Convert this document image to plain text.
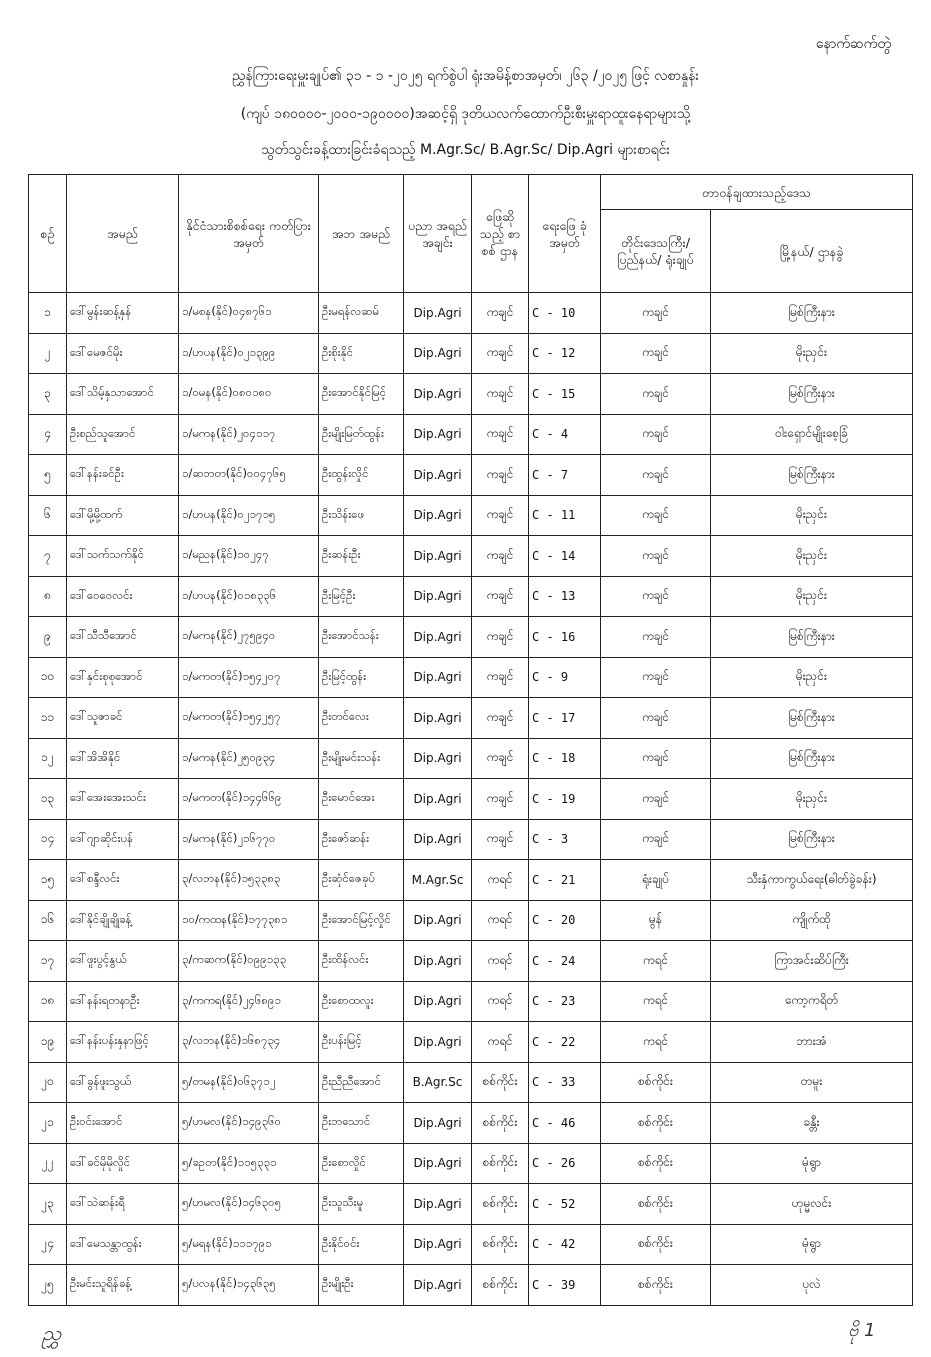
နောက်ဆက်တွဲ
ညွှန်ကြားရေးမှူးချုပ်၏ ၃၁ - ၁ -၂၀၂၅ ရက်စွဲပါ ရုံးအမိန့်စာအမှတ်၊ ၂၆၃ /၂၀၂၅ ဖြင့် လစာနှုန်း
(ကျပ် ၁၈၀၀၀၀-၂၀၀၀-၁၉၀၀၀၀)အဆင့်ရှိ ဒုတိယလက်ထောက်ဦးစီးမှူးရာထူးနေရာများသို့
သွတ်သွင်းခန့်ထားခြင်းခံရသည့် M.Agr.Sc/ B.Agr.Sc/ Dip.Agri များစာရင်း
စဉ်	အမည်	နိုင်ငံသားစိစစ်ရေး ကတ်ပြားအမှတ်	အဘ အမည်	ပညာ အရည် အချင်း	ဖြေဆို သည့် စာစစ် ဌာန	ရေးဖြေ ခုံအမှတ်	တာဝန်ချထားသည့်ဒေသ	
							တိုင်းဒေသကြီး/ ပြည်နယ်/ ရုံးချုပ်	မြို့နယ်/ ဌာနခွဲ
၁	ဒေါ်မွန်းဆန့်နှန်	၁/မစန(နိုင်)၀၄၈၇၆၁	ဦးမရန်လဆမ်	Dip.Agri	ကချင်	C - 10	ကချင်	မြစ်ကြီးနား
၂	ဒေါ်မေဇင်မိုး	၁/ဟပန(နိုင်)၀၂၁၃၉၉	ဦးစိုးနိုင်	Dip.Agri	ကချင်	C - 12	ကချင်	မိုးညှင်း
၃	ဒေါ်သိမ့်နှသာအောင်	၁/ဝမန(နိုင်)၀၈၀၁၈၀	ဦးအောင်နိုင်မြင့်	Dip.Agri	ကချင်	C - 15	ကချင်	မြစ်ကြီးနား
၄	ဦးစည်သူအောင်	၁/မကန(နိုင်)၂၀၄၁၁၇	ဦးမျိုးမြတ်ထွန်း	Dip.Agri	ကချင်	C - 4	ကချင်	ဝါးရှောင်မျိုးစေ့ခြံ
၅	ဒေါ်နန်းခင်ဦး	၁/ဆဘတ(နိုင်)၀၀၄၇၆၅	ဦးထွန်းလှိုင်	Dip.Agri	ကချင်	C - 7	ကချင်	မြစ်ကြီးနား
၆	ဒေါ်မို့မို့ထက်	၁/ဟပန(နိုင်)၀၂၁၇၁၅	ဦးသိန်းဖေ	Dip.Agri	ကချင်	C - 11	ကချင်	မိုးညှင်း
၇	ဒေါ်သက်သက်နိုင်	၁/မညန(နိုင်)၁၀၂၄၇	ဦးဆန်းဦး	Dip.Agri	ကချင်	C - 14	ကချင်	မိုးညှင်း
၈	ဒေါ်ဝေဝေလင်း	၁/ဟပန(နိုင်)၀၁၈၃၃၆	ဦးမြင့်ဦး	Dip.Agri	ကချင်	C - 13	ကချင်	မိုးညှင်း
၉	ဒေါ်သီသီအောင်	၁/မကန(နိုင်)၂၇၅၉၄၀	ဦးအောင်သန်း	Dip.Agri	ကချင်	C - 16	ကချင်	မြစ်ကြီးနား
၁၀	ဒေါ်နှင်းစုစုအောင်	၁/မကတ(နိုင်)၁၅၄၂၀၇	ဦးမြင့်ထွန်း	Dip.Agri	ကချင်	C - 9	ကချင်	မိုးညှင်း
၁၁	ဒေါ်သူဇာခင်	၁/မကတ(နိုင်)၁၅၄၂၅၇	ဦးတင်လေး	Dip.Agri	ကချင်	C - 17	ကချင်	မြစ်ကြီးနား
၁၂	ဒေါ်အိအိနိုင်	၁/မကန(နိုင်)၂၅၀၉၃၄	ဦးမျိုးမင်းသန်း	Dip.Agri	ကချင်	C - 18	ကချင်	မြစ်ကြီးနား
၁၃	ဒေါ်အေးအေးသင်း	၁/မကတ(နိုင်)၁၄၄၆၆၉	ဦးမောင်အေး	Dip.Agri	ကချင်	C - 19	ကချင်	မိုးညှင်း
၁၄	ဒေါ်ဂျာဆိုင်းပန်	၁/မကန(နိုင်)၂၁၆၇၇၀	ဦးဇော်ဆန်း	Dip.Agri	ကချင်	C - 3	ကချင်	မြစ်ကြီးနား
၁၅	ဒေါ်စန္ဒီလင်း	၃/လဘန(နိုင်)၁၅၃၃၈၃	ဦးဆုံင်ဇေခုပ်	M.Agr.Sc	ကရင်	C - 21	ရုံးချုပ်	သီးနှံကာကွယ်ရေး(ဓါတ်ခွဲခန်း)
၁၆	ဒေါ်နိုင်ချိုချိုခန့်	၁၀/ကထန(နိုင်)၁၇၇၃၈၁	ဦးအောင်မြင့်လှိုင်	Dip.Agri	ကရင်	C - 20	မွန်	ကျိုက်ထို
၁၇	ဒေါ်ဖူးပွင့်နွယ်	၃/ကဆက(နိုင်)၀၉၉၁၃၃	ဦးထိန်လင်း	Dip.Agri	ကရင်	C - 24	ကရင်	ကြာအင်းဆိပ်ကြီး
၁၈	ဒေါ်နန်းရတနာဦး	၃/ကကရ(နိုင်)၂၄၆၈၉၁	ဦးစောထလူး	Dip.Agri	ကရင်	C - 23	ကရင်	ကော့ကရိတ်
၁၉	ဒေါ်နန်းပန်းနှနာဖြင့်	၃/လဘန(နိုင်)၁၆၈၇၃၄	ဦးပန်းမြင့်	Dip.Agri	ကရင်	C - 22	ကရင်	ဘားအံ
၂၀	ဒေါ်ခွန်ဖူးသွယ်	၅/တမန(နိုင်)၀၆၃၇၁၂	ဦးညီညီအောင်	B.Agr.Sc	စစ်ကိုင်း	C - 33	စစ်ကိုင်း	တမူး
၂၁	ဦးဝင်းအောင်	၅/ဟမလ(နိုင်)၁၄၉၃၆၀	ဦးဘသောင်	Dip.Agri	စစ်ကိုင်း	C - 46	စစ်ကိုင်း	ခန္တီး
၂၂	ဒေါ်ခင်မိုမိုလှိုင်	၅/ခဥတ(နိုင်)၁၁၅၃၃၁	ဦးစောလှိုင်	Dip.Agri	စစ်ကိုင်း	C - 26	စစ်ကိုင်း	မုံရွာ
၂၃	ဒေါ်သဲဆန်းရီ	၅/ဟမလ(နိုင်)၁၄၆၃၀၅	ဦးသူသီးမူ	Dip.Agri	စစ်ကိုင်း	C - 52	စစ်ကိုင်း	ဟုမ္မလင်း
၂၄	ဒေါ်မေသန္တာထွန်း	၅/မရန(နိုင်)၁၁၁၇၉၁	ဦးနိုင်ဝင်း	Dip.Agri	စစ်ကိုင်း	C - 42	စစ်ကိုင်း	မုံရွာ
၂၅	ဦးမင်းသူရိန်ခန့်	၅/ပလန(နိုင်)၁၄၃၆၃၅	ဦးမျိုးဦး	Dip.Agri	စစ်ကိုင်း	C - 39	စစ်ကိုင်း	ပုလဲ
ညွှ	ဗို 1
